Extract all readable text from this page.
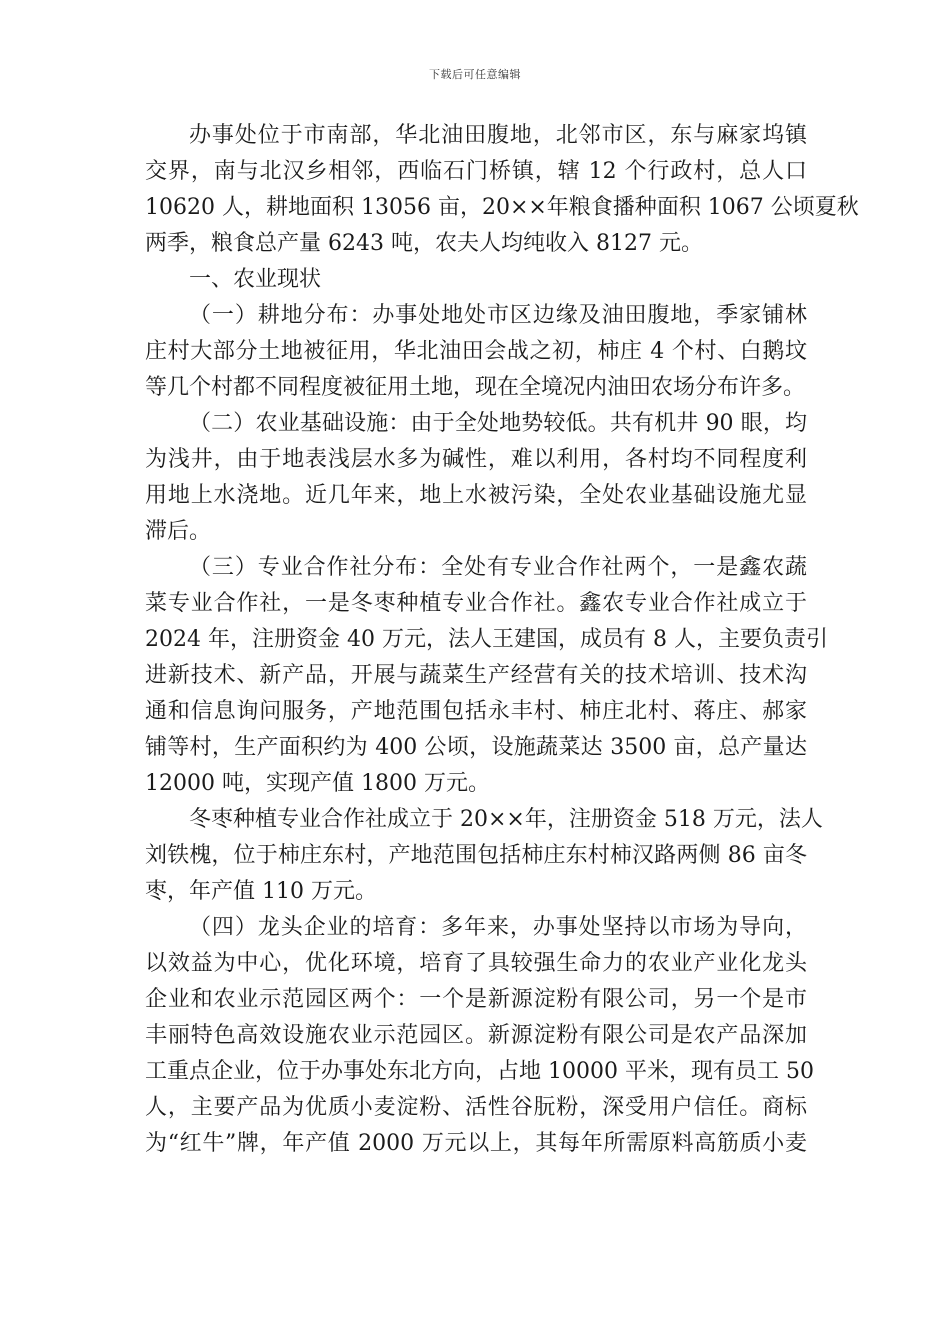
下载后可任意编辑
办事处位于市南部，华北油田腹地，北邻市区，东与麻家坞镇
交界，南与北汉乡相邻，西临石门桥镇，辖 12 个行政村，总人口
10620 人，耕地面积 13056 亩，20××年粮食播种面积 1067 公顷夏秋
两季，粮食总产量 6243 吨，农夫人均纯收入 8127 元。
一、农业现状
（一）耕地分布：办事处地处市区边缘及油田腹地，季家铺林
庄村大部分土地被征用，华北油田会战之初，柿庄 4 个村、白鹅坟
等几个村都不同程度被征用土地，现在全境况内油田农场分布许多。
（二）农业基础设施：由于全处地势较低。共有机井 90 眼，均
为浅井，由于地表浅层水多为碱性，难以利用，各村均不同程度利
用地上水浇地。近几年来，地上水被污染，全处农业基础设施尤显
滞后。
（三）专业合作社分布：全处有专业合作社两个，一是鑫农蔬
菜专业合作社，一是冬枣种植专业合作社。鑫农专业合作社成立于
2024 年，注册资金 40 万元，法人王建国，成员有 8 人，主要负责引
进新技术、新产品，开展与蔬菜生产经营有关的技术培训、技术沟
通和信息询问服务，产地范围包括永丰村、柿庄北村、蒋庄、郝家
铺等村，生产面积约为 400 公顷，设施蔬菜达 3500 亩，总产量达
12000 吨，实现产值 1800 万元。
冬枣种植专业合作社成立于 20××年，注册资金 518 万元，法人
刘铁槐，位于柿庄东村，产地范围包括柿庄东村柿汉路两侧 86 亩冬
枣，年产值 110 万元。
（四）龙头企业的培育：多年来，办事处坚持以市场为导向，
以效益为中心，优化环境，培育了具较强生命力的农业产业化龙头
企业和农业示范园区两个：一个是新源淀粉有限公司，另一个是市
丰丽特色高效设施农业示范园区。新源淀粉有限公司是农产品深加
工重点企业，位于办事处东北方向，占地 10000 平米，现有员工 50
人，主要产品为优质小麦淀粉、活性谷朊粉，深受用户信任。商标
为“红牛”牌，年产值 2000 万元以上，其每年所需原料高筋质小麦
